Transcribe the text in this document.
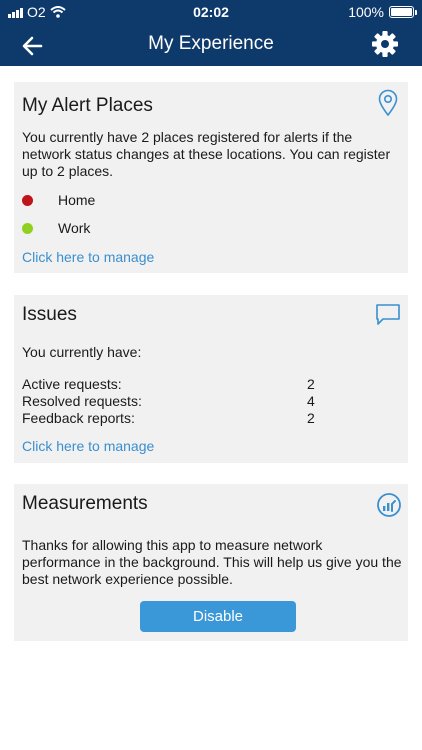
O2	02:02	100%
My Experience
My Alert Places
You currently have 2 places registered for alerts if the network status changes at these locations. You can register up to 2 places.
Home
Work
Click here to manage
Issues
You currently have:
Active requests:	2
Resolved requests:	4
Feedback reports:	2
Click here to manage
Measurements
Thanks for allowing this app to measure network performance in the background. This will help us give you the best network experience possible.
Disable
